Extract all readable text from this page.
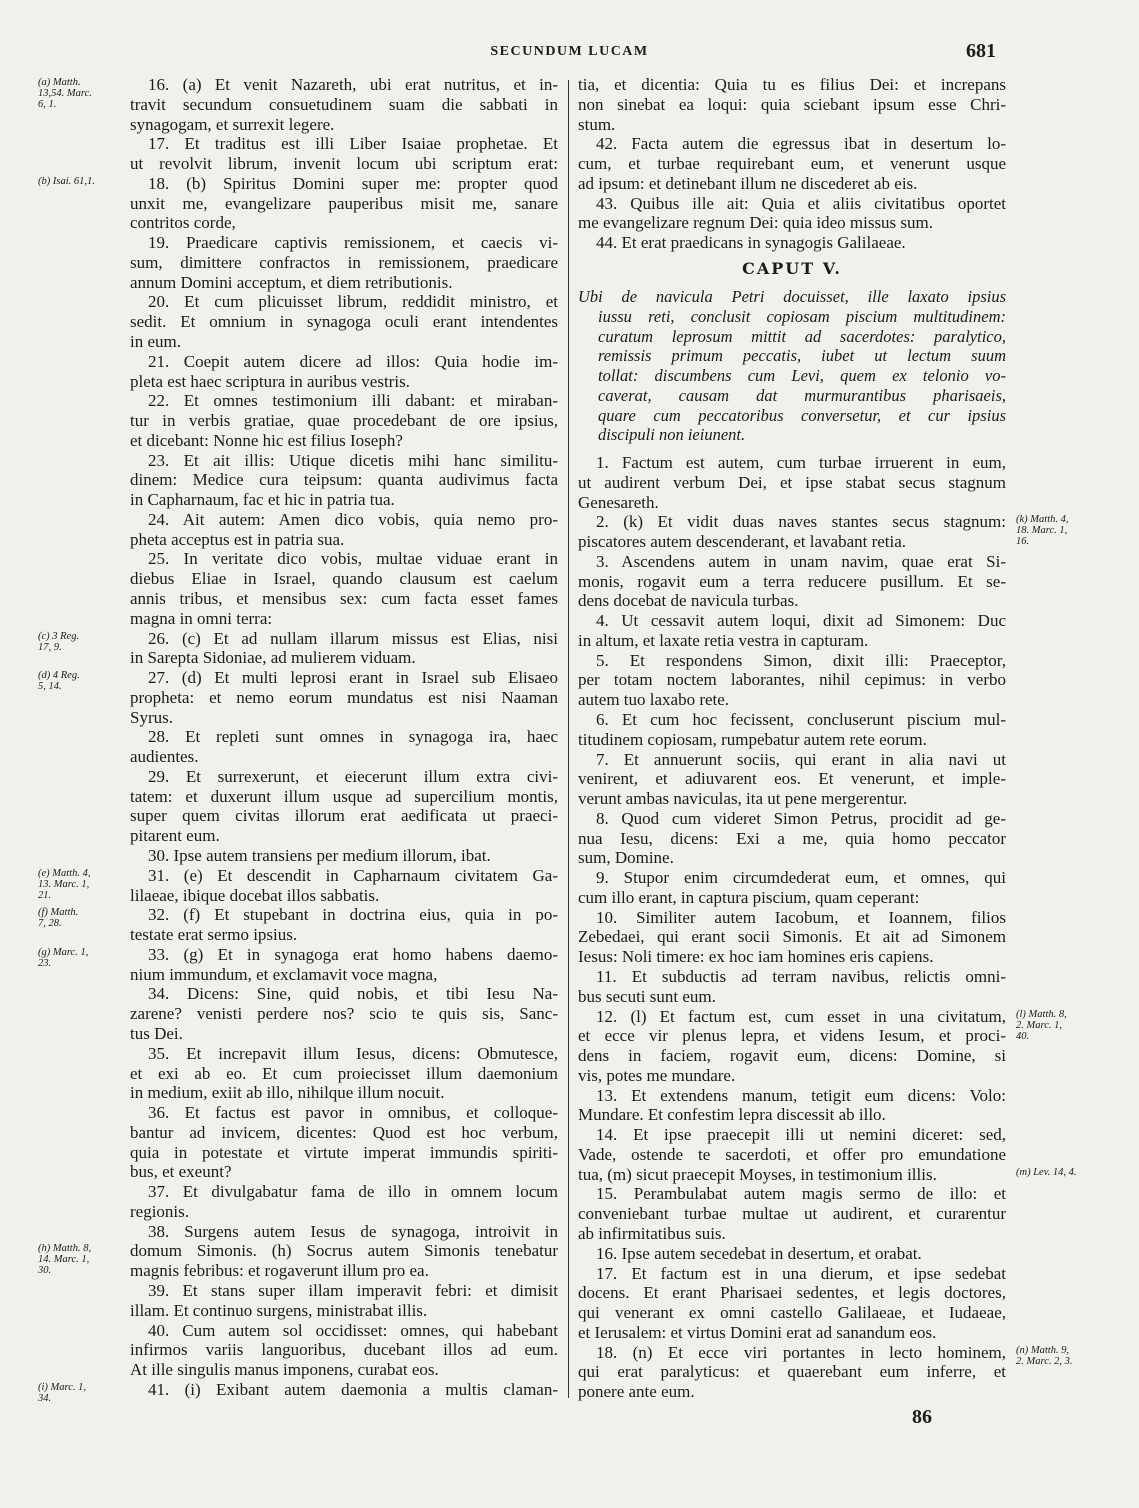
SECUNDUM LUCAM	681
16. (a) Et venit Nazareth, ubi erat nutritus, et in-
(a) Matth.
13,54. Marc.
6, 1.	travit secundum consuetudinem suam die sabbati in
synagogam, et surrexit legere.
17. Et traditus est illi Liber Isaiae prophetae. Et
ut revolvit librum, invenit locum ubi scriptum erat:
18. (b) Spiritus Domini super me: propter quod
(b) Isai. 61,1.
unxit me, evangelizare pauperibus misit me, sanare
contritos corde,
19. Praedicare captivis remissionem, et caecis vi-
sum, dimittere confractos in remissionem, praedicare
annum Domini acceptum, et diem retributionis.
20. Et cum plicuisset librum, reddidit ministro, et
sedit. Et omnium in synagoga oculi erant intendentes
in eum.
21. Coepit autem dicere ad illos: Quia hodie im-
pleta est haec scriptura in auribus vestris.
22. Et omnes testimonium illi dabant: et miraban-
tur in verbis gratiae, quae procedebant de ore ipsius,
et dicebant: Nonne hic est filius Ioseph?
23. Et ait illis: Utique dicetis mihi hanc similitu-
dinem: Medice cura teipsum: quanta audivimus facta
in Capharnaum, fac et hic in patria tua.
24. Ait autem: Amen dico vobis, quia nemo pro-
pheta acceptus est in patria sua.
25. In veritate dico vobis, multae viduae erant in
diebus Eliae in Israel, quando clausum est caelum
annis tribus, et mensibus sex: cum facta esset fames
magna in omni terra:
26. (c) Et ad nullam illarum missus est Elias, nisi
(c) 3 Reg.
17, 9.
in Sarepta Sidoniae, ad mulierem viduam.
27. (d) Et multi leprosi erant in Israel sub Elisaeo
(d) 4 Reg.
5, 14.
propheta: et nemo eorum mundatus est nisi Naaman
Syrus.
28. Et repleti sunt omnes in synagoga ira, haec
audientes.
29. Et surrexerunt, et eiecerunt illum extra civi-
tatem: et duxerunt illum usque ad supercilium montis,
super quem civitas illorum erat aedificata ut praeci-
pitarent eum.
30. Ipse autem transiens per medium illorum, ibat.
31. (e) Et descendit in Capharnaum civitatem Ga-
(e) Matth. 4,
13. Marc. 1,
21.	lilaeae, ibique docebat illos sabbatis.
32. (f) Et stupebant in doctrina eius, quia in po-
(f) Matth.
7, 28.
testate erat sermo ipsius.
33. (g) Et in synagoga erat homo habens daemo-
(g) Marc. 1,
23.
nium immundum, et exclamavit voce magna,
34. Dicens: Sine, quid nobis, et tibi Iesu Na-
zarene? venisti perdere nos? scio te quis sis, Sanc-
tus Dei.
35. Et increpavit illum Iesus, dicens: Obmutesce,
et exi ab eo. Et cum proiecisset illum daemonium
in medium, exiit ab illo, nihilque illum nocuit.
36. Et factus est pavor in omnibus, et colloque-
bantur ad invicem, dicentes: Quod est hoc verbum,
quia in potestate et virtute imperat immundis spiriti-
bus, et exeunt?
37. Et divulgabatur fama de illo in omnem locum
regionis.
38. Surgens autem Iesus de synagoga, introivit in
domum Simonis. (h) Socrus autem Simonis tenebatur
(h) Matth. 8,
14. Marc. 1,
30.	magnis febribus: et rogaverunt illum pro ea.
39. Et stans super illam imperavit febri: et dimisit
illam. Et continuo surgens, ministrabat illis.
40. Cum autem sol occidisset: omnes, qui habebant
infirmos variis languoribus, ducebant illos ad eum.
At ille singulis manus imponens, curabat eos.
41. (i) Exibant autem daemonia a multis claman-
(i) Marc. 1,
34.
tia, et dicentia: Quia tu es filius Dei: et increpans
non sinebat ea loqui: quia sciebant ipsum esse Chri-
stum.
42. Facta autem die egressus ibat in desertum lo-
cum, et turbae requirebant eum, et venerunt usque
ad ipsum: et detinebant illum ne discederet ab eis.
43. Quibus ille ait: Quia et aliis civitatibus oportet
me evangelizare regnum Dei: quia ideo missus sum.
44. Et erat praedicans in synagogis Galilaeae.
CAPUT V.
Ubi de navicula Petri docuisset, ille laxato ipsius
iussu reti, conclusit copiosam piscium multitudinem:
curatum leprosum mittit ad sacerdotes: paralytico,
remissis primum peccatis, iubet ut lectum suum
tollat: discumbens cum Levi, quem ex telonio vo-
caverat, causam dat murmurantibus pharisaeis,
quare cum peccatoribus conversetur, et cur ipsius
discipuli non ieiunent.
1. Factum est autem, cum turbae irruerent in eum,
ut audirent verbum Dei, et ipse stabat secus stagnum
Genesareth.
2. (k) Et vidit duas naves stantes secus stagnum: (k) Matth. 4,
18. Marc. 1,
16.
piscatores autem descenderant, et lavabant retia.
3. Ascendens autem in unam navim, quae erat Si-
monis, rogavit eum a terra reducere pusillum. Et se-
dens docebat de navicula turbas.
4. Ut cessavit autem loqui, dixit ad Simonem: Duc
in altum, et laxate retia vestra in capturam.
5. Et respondens Simon, dixit illi: Praeceptor,
per totam noctem laborantes, nihil cepimus: in verbo
autem tuo laxabo rete.
6. Et cum hoc fecissent, concluserunt piscium mul-
titudinem copiosam, rumpebatur autem rete eorum.
7. Et annuerunt sociis, qui erant in alia navi ut
venirent, et adiuvarent eos. Et venerunt, et imple-
verunt ambas naviculas, ita ut pene mergerentur.
8. Quod cum videret Simon Petrus, procidit ad ge-
nua Iesu, dicens: Exi a me, quia homo peccator
sum, Domine.
9. Stupor enim circumdederat eum, et omnes, qui
cum illo erant, in captura piscium, quam ceperant:
10. Similiter autem Iacobum, et Ioannem, filios
Zebedaei, qui erant socii Simonis. Et ait ad Simonem
Iesus: Noli timere: ex hoc iam homines eris capiens.
11. Et subductis ad terram navibus, relictis omni-
bus secuti sunt eum.
12. (l) Et factum est, cum esset in una civitatum, (l) Matth. 8,
2. Marc. 1,
40.
et ecce vir plenus lepra, et videns Iesum, et proci-
dens in faciem, rogavit eum, dicens: Domine, si
vis, potes me mundare.
13. Et extendens manum, tetigit eum dicens: Volo:
Mundare. Et confestim lepra discessit ab illo.
14. Et ipse praecepit illi ut nemini diceret: sed,
Vade, ostende te sacerdoti, et offer pro emundatione
tua, (m) sicut praecepit Moyses, in testimonium illis.	(m) Lev. 14, 4.
15. Perambulabat autem magis sermo de illo: et
conveniebant turbae multae ut audirent, et curarentur
ab infirmitatibus suis.
16. Ipse autem secedebat in desertum, et orabat.
17. Et factum est in una dierum, et ipse sedebat
docens. Et erant Pharisaei sedentes, et legis doctores,
qui venerant ex omni castello Galilaeae, et Iudaeae,
et Ierusalem: et virtus Domini erat ad sanandum eos.
18. (n) Et ecce viri portantes in lecto hominem, (n) Matth. 9,
2. Marc. 2, 3.
qui erat paralyticus: et quaerebant eum inferre, et
ponere ante eum.
86
